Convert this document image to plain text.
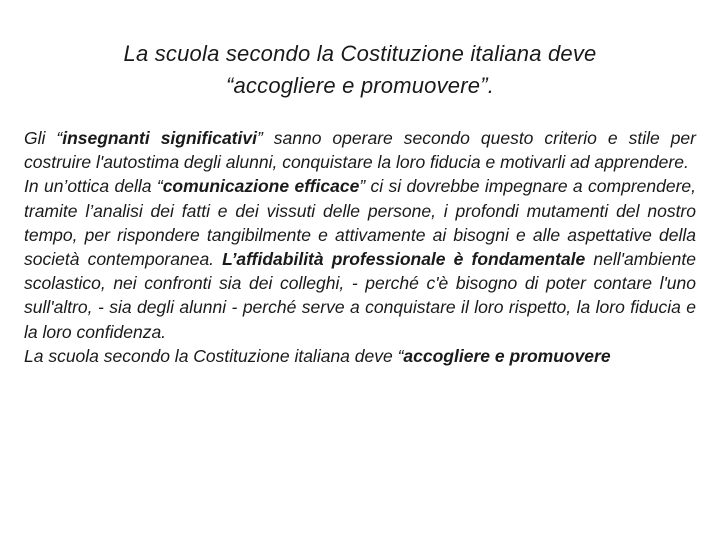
La scuola secondo la Costituzione italiana deve
“accogliere e promuovere”.
Gli “insegnanti significativi” sanno operare secondo questo criterio e stile per costruire l'autostima degli alunni, conquistare la loro fiducia e motivarli ad apprendere.
In un’ottica della “comunicazione efficace” ci si dovrebbe impegnare a comprendere, tramite l’analisi dei fatti e dei vissuti delle persone, i profondi mutamenti del nostro tempo, per rispondere tangibilmente e attivamente ai bisogni e alle aspettative della società contemporanea. L’affidabilità professionale è fondamentale nell'ambiente scolastico, nei confronti sia dei colleghi, - perché c'è bisogno di poter contare l'uno sull'altro, - sia degli alunni - perché serve a conquistare il loro rispetto, la loro fiducia e la loro confidenza.
La scuola secondo la Costituzione italiana deve “accogliere e promuovere
